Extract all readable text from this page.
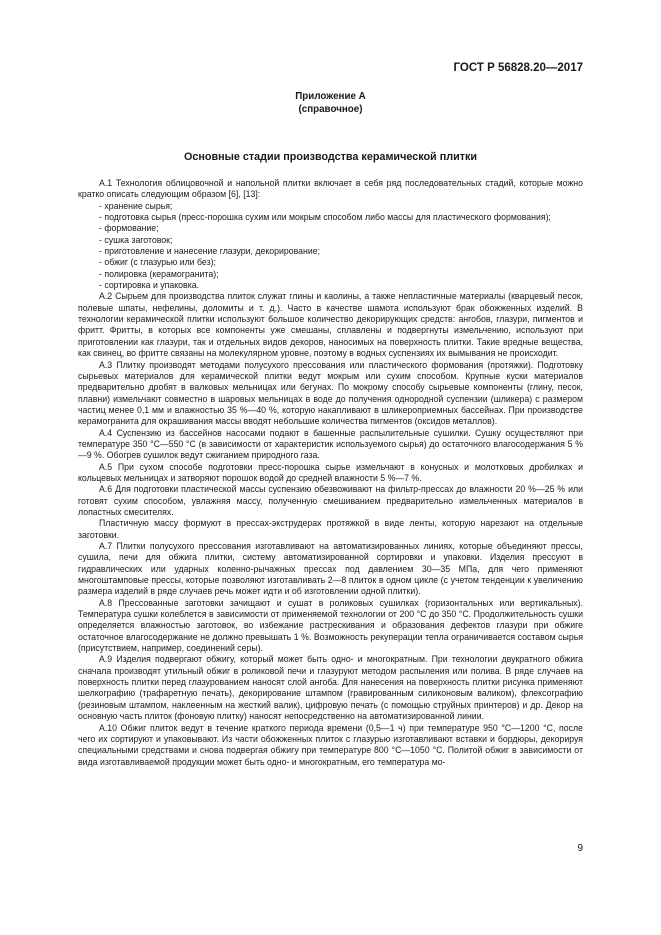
ГОСТ Р 56828.20—2017
Приложение А
(справочное)
Основные стадии производства керамической плитки

А.1 Технология облицовочной и напольной плитки включает в себя ряд последовательных стадий, которые можно кратко описать следующим образом [6], [13]:

- хранение сырья;

- подготовка сырья (пресс-порошка сухим или мокрым способом либо массы для пластического формования);

- формование;

- сушка заготовок;

- приготовление и нанесение глазури, декорирование;

- обжиг (с глазурью или без);

- полировка (керамогранита);

- сортировка и упаковка.

А.2 Сырьем для производства плиток служат глины и каолины, а также непластичные материалы (кварцевый песок, полевые шпаты, нефелины, доломиты и т. д.). Часто в качестве шамота используют брак обожженных изделий. В технологии керамической плитки используют большое количество декорирующих средств: ангобов, глазури, пигментов и фритт. Фритты, в которых все компоненты уже смешаны, сплавлены и подвергнуты измельчению, используют при приготовлении как глазури, так и отдельных видов декоров, наносимых на поверхность плитки. Такие вредные вещества, как свинец, во фритте связаны на молекулярном уровне, поэтому в водных суспензиях их вымывания не происходит.

А.3 Плитку производят методами полусухого прессования или пластического формования (протяжки). Подготовку сырьевых материалов для керамической плитки ведут мокрым или сухим способом. Крупные куски материалов предварительно дробят в валковых мельницах или бегунах. По мокрому способу сырьевые компоненты (глину, песок, плавни) измельчают совместно в шаровых мельницах в воде до получения однородной суспензии (шликера) с размером частиц менее 0,1 мм и влажностью 35 %—40 %, которую накапливают в шликероприемных бассейнах. При производстве керамогранита для окрашивания массы вводят небольшие количества пигментов (оксидов металлов).

А.4 Суспензию из бассейнов насосами подают в башенные распылительные сушилки. Сушку осуществляют при температуре 350 °С—550 °С (в зависимости от характеристик используемого сырья) до остаточного влагосодержания 5 %—9 %. Обогрев сушилок ведут сжиганием природного газа.

А.5 При сухом способе подготовки пресс-порошка сырье измельчают в конусных и молотковых дробилках и кольцевых мельницах и затворяют порошок водой до средней влажности 5 %—7 %.

А.6 Для подготовки пластической массы суспензию обезвоживают на фильтр-прессах до влажности 20 %—25 % или готовят сухим способом, увлажняя массу, полученную смешиванием предварительно измельченных материалов в лопастных смесителях.

Пластичную массу формуют в прессах-экструдерах протяжкой в виде ленты, которую нарезают на отдельные заготовки.

А.7 Плитки полусухого прессования изготавливают на автоматизированных линиях, которые объединяют прессы, сушила, печи для обжига плитки, систему автоматизированной сортировки и упаковки. Изделия прессуют в гидравлических или ударных коленно-рычажных прессах под давлением 30—35 МПа, для чего применяют многоштамповые прессы, которые позволяют изготавливать 2—8 плиток в одном цикле (с учетом тенденции к увеличению размера изделий в ряде случаев речь может идти и об изготовлении одной плитки).

А.8 Прессованные заготовки зачищают и сушат в роликовых сушилках (горизонтальных или вертикальных). Температура сушки колеблется в зависимости от применяемой технологии от 200 °С до 350 °С. Продолжительность сушки определяется влажностью заготовок, во избежание растрескивания и образования дефектов глазури при обжиге остаточное влагосодержание не должно превышать 1 %. Возможность рекуперации тепла ограничивается составом сырья (присутствием, например, соединений серы).

А.9 Изделия подвергают обжигу, который может быть одно- и многократным. При технологии двукратного обжига сначала производят утильный обжиг в роликовой печи и глазуруют методом распыления или полива. В ряде случаев на поверхность плитки перед глазурованием наносят слой ангоба. Для нанесения на поверхность плитки рисунка применяют шелкографию (трафаретную печать), декорирование штампом (гравированным силиконовым валиком), флексографию (резиновым штампом, наклеенным на жесткий валик), цифровую печать (с помощью струйных принтеров) и др. Декор на основную часть плиток (фоновую плитку) наносят непосредственно на автоматизированной линии.

А.10 Обжиг плиток ведут в течение краткого периода времени (0,5—1 ч) при температуре 950 °С—1200 °С, после чего их сортируют и упаковывают. Из части обожженных плиток с глазурью изготавливают вставки и бордюры, декорируя специальными средствами и снова подвергая обжигу при температуре 800 °С—1050 °С. Политой обжиг в зависимости от вида изготавливаемой продукции может быть одно- и многократным, его температура мо-

9
